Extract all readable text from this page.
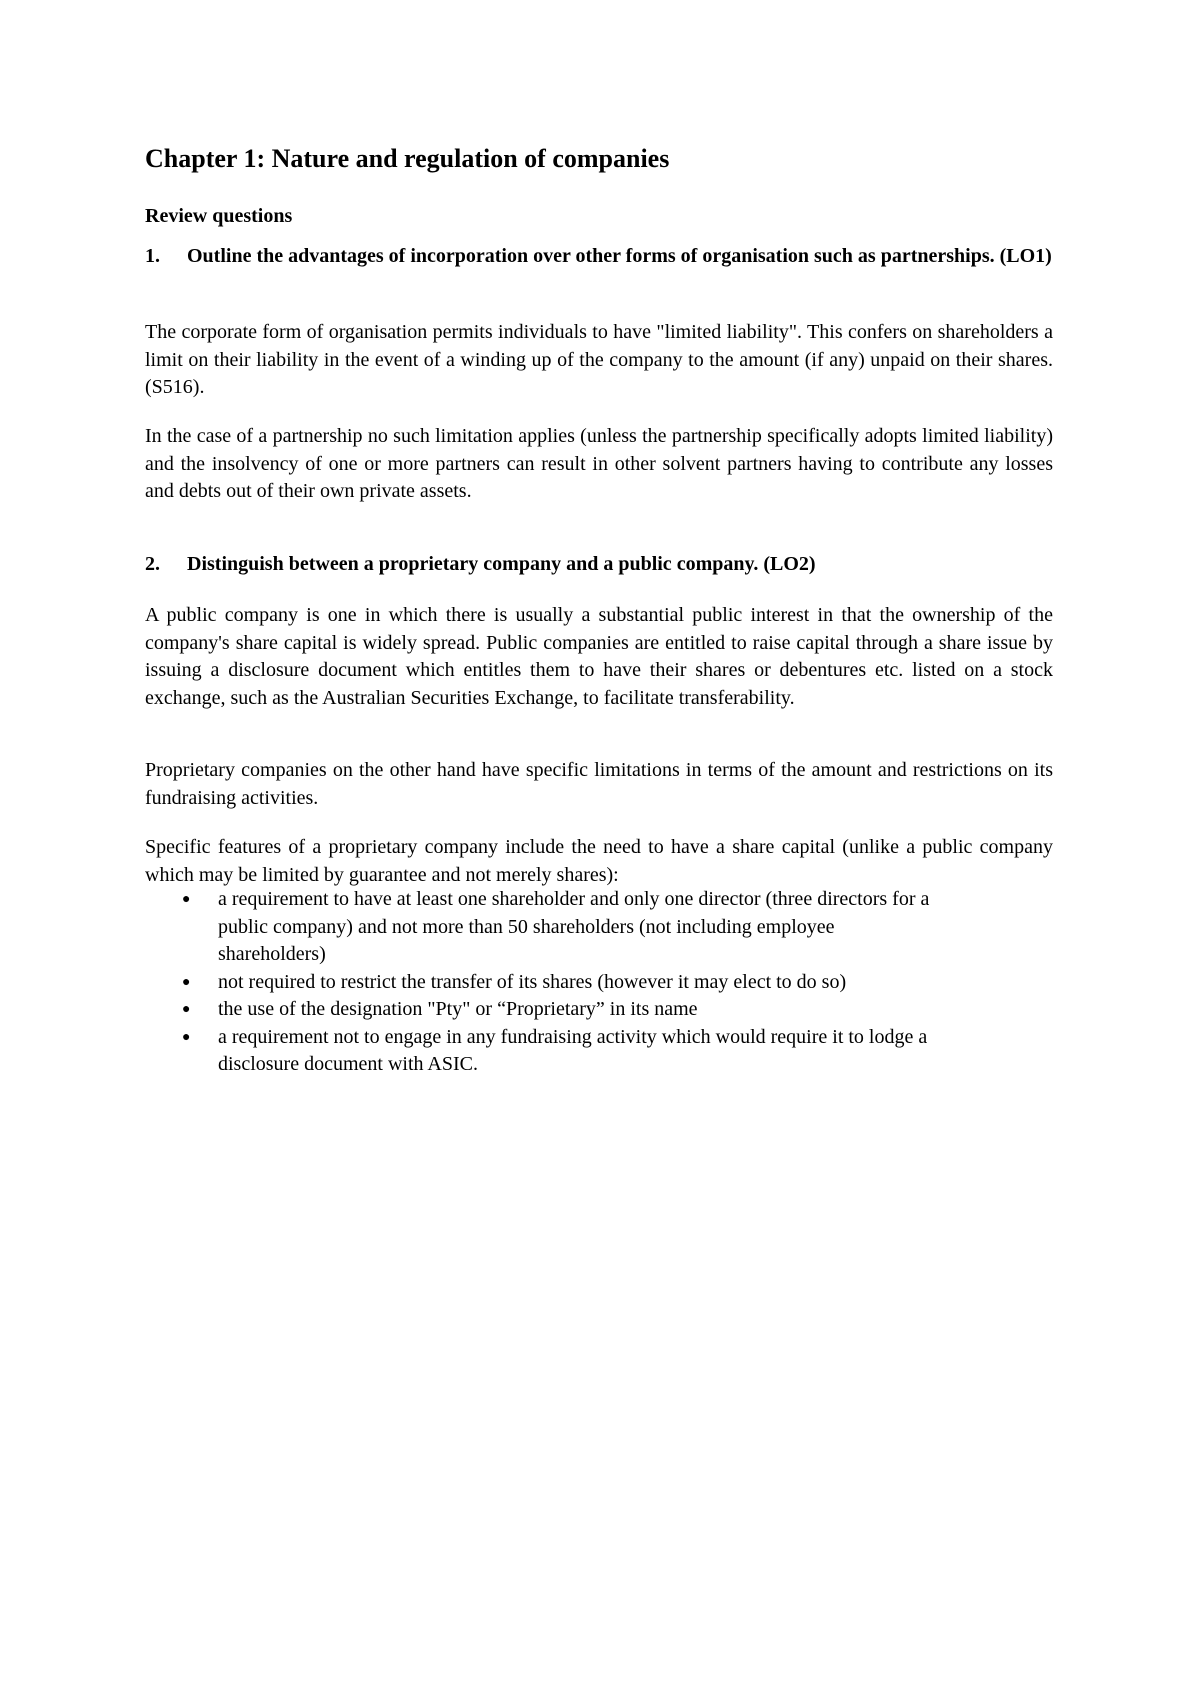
Chapter 1: Nature and regulation of companies
Review questions
1. Outline the advantages of incorporation over other forms of organisation such as partnerships. (LO1)

The corporate form of organisation permits individuals to have "limited liability". This confers on shareholders a limit on their liability in the event of a winding up of the company to the amount (if any) unpaid on their shares. (S516).

In the case of a partnership no such limitation applies (unless the partnership specifically adopts limited liability) and the insolvency of one or more partners can result in other solvent partners having to contribute any losses and debts out of their own private assets.

2. Distinguish between a proprietary company and a public company. (LO2)

A public company is one in which there is usually a substantial public interest in that the ownership of the company's share capital is widely spread. Public companies are entitled to raise capital through a share issue by issuing a disclosure document which entitles them to have their shares or debentures etc. listed on a stock exchange, such as the Australian Securities Exchange, to facilitate transferability.

Proprietary companies on the other hand have specific limitations in terms of the amount and restrictions on its fundraising activities.

Specific features of a proprietary company include the need to have a share capital (unlike a public company which may be limited by guarantee and not merely shares):

● a requirement to have at least one shareholder and only one director (three directors for a public company) and not more than 50 shareholders (not including employee shareholders)
● not required to restrict the transfer of its shares (however it may elect to do so)
● the use of the designation "Pty" or “Proprietary” in its name
● a requirement not to engage in any fundraising activity which would require it to lodge a disclosure document with ASIC.
